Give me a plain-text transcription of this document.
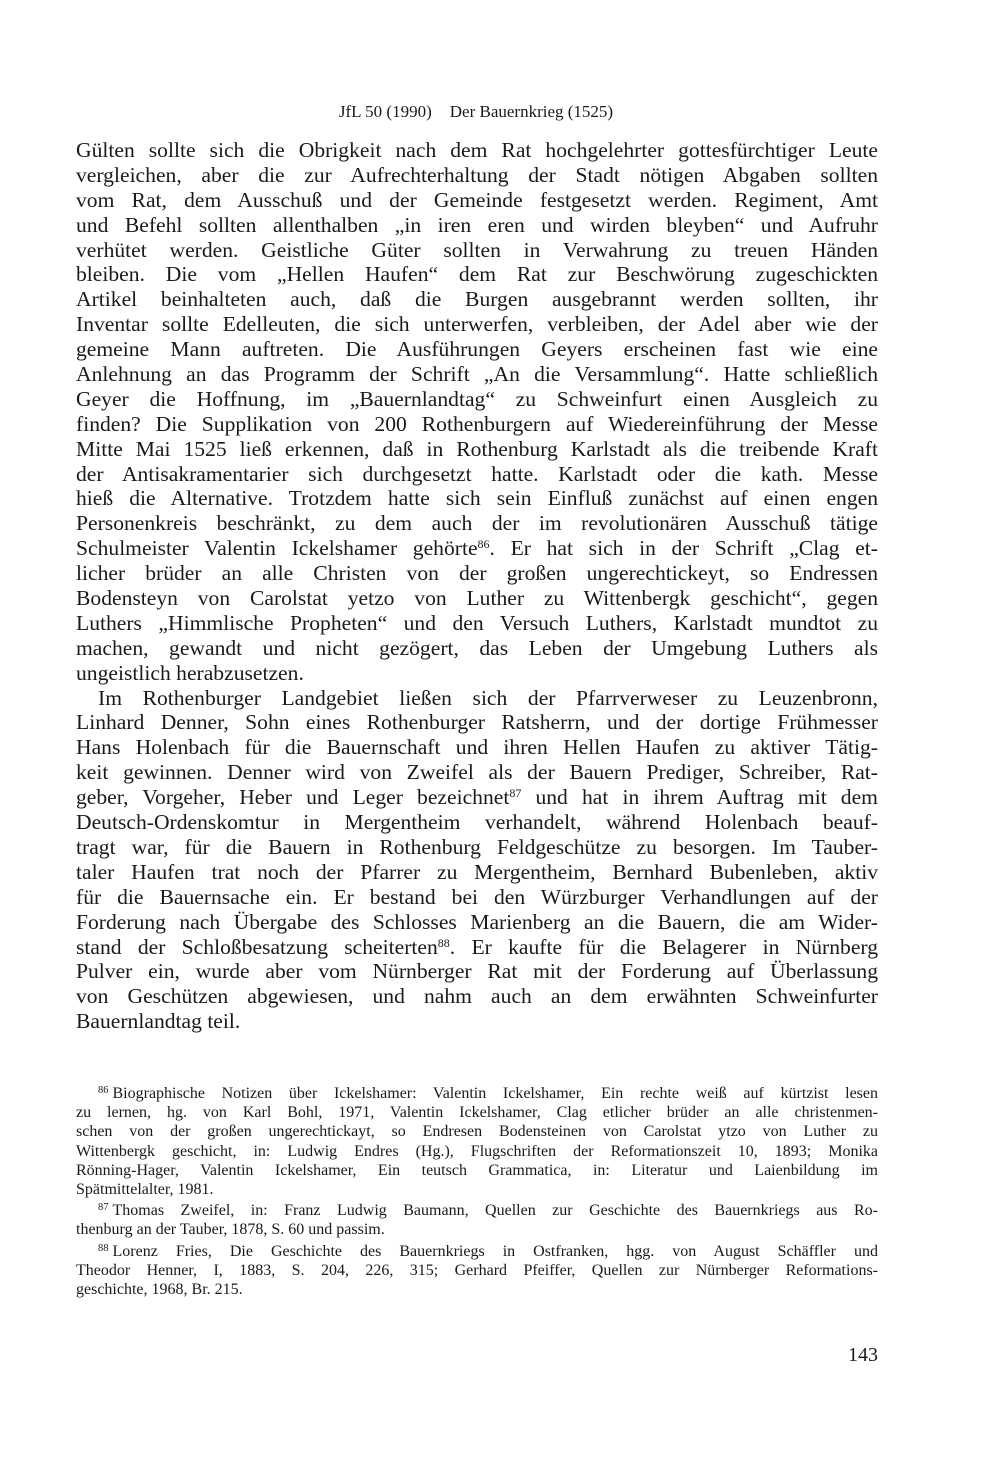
JfL 50 (1990) Der Bauernkrieg (1525)
Gülten sollte sich die Obrigkeit nach dem Rat hochgelehrter gottesfürchtiger Leute
vergleichen, aber die zur Aufrechterhaltung der Stadt nötigen Abgaben sollten
vom Rat, dem Ausschuß und der Gemeinde festgesetzt werden. Regiment, Amt
und Befehl sollten allenthalben „in iren eren und wirden bleyben“ und Aufruhr
verhütet werden. Geistliche Güter sollten in Verwahrung zu treuen Händen
bleiben. Die vom „Hellen Haufen“ dem Rat zur Beschwörung zugeschickten
Artikel beinhalteten auch, daß die Burgen ausgebrannt werden sollten, ihr
Inventar sollte Edelleuten, die sich unterwerfen, verbleiben, der Adel aber wie der
gemeine Mann auftreten. Die Ausführungen Geyers erscheinen fast wie eine
Anlehnung an das Programm der Schrift „An die Versammlung“. Hatte schließlich
Geyer die Hoffnung, im „Bauernlandtag“ zu Schweinfurt einen Ausgleich zu
finden? Die Supplikation von 200 Rothenburgern auf Wiedereinführung der Messe
Mitte Mai 1525 ließ erkennen, daß in Rothenburg Karlstadt als die treibende Kraft
der Antisakramentarier sich durchgesetzt hatte. Karlstadt oder die kath. Messe
hieß die Alternative. Trotzdem hatte sich sein Einfluß zunächst auf einen engen
Personenkreis beschränkt, zu dem auch der im revolutionären Ausschuß tätige
Schulmeister Valentin Ickelshamer gehörte$^{86}$. Er hat sich in der Schrift „Clag et-
licher brüder an alle Christen von der großen ungerechtickeyt, so Endressen
Bodensteyn von Carolstat yetzo von Luther zu Wittenbergk geschicht“, gegen
Luthers „Himmlische Propheten“ und den Versuch Luthers, Karlstadt mundtot zu
machen, gewandt und nicht gezögert, das Leben der Umgebung Luthers als
ungeistlich herabzusetzen.
Im Rothenburger Landgebiet ließen sich der Pfarrverweser zu Leuzenbronn,
Linhard Denner, Sohn eines Rothenburger Ratsherrn, und der dortige Frühmesser
Hans Holenbach für die Bauernschaft und ihren Hellen Haufen zu aktiver Tätig-
keit gewinnen. Denner wird von Zweifel als der Bauern Prediger, Schreiber, Rat-
geber, Vorgeher, Heber und Leger bezeichnet$^{87}$ und hat in ihrem Auftrag mit dem
Deutsch-Ordenskomtur in Mergentheim verhandelt, während Holenbach beauf-
tragt war, für die Bauern in Rothenburg Feldgeschütze zu besorgen. Im Tauber-
taler Haufen trat noch der Pfarrer zu Mergentheim, Bernhard Bubenleben, aktiv
für die Bauernsache ein. Er bestand bei den Würzburger Verhandlungen auf der
Forderung nach Übergabe des Schlosses Marienberg an die Bauern, die am Wider-
stand der Schloßbesatzung scheiterten$^{88}$. Er kaufte für die Belagerer in Nürnberg
Pulver ein, wurde aber vom Nürnberger Rat mit der Forderung auf Überlassung
von Geschützen abgewiesen, und nahm auch an dem erwähnten Schweinfurter
Bauernlandtag teil.
$^{86}$ Biographische Notizen über Ickelshamer: Valentin Ickelshamer, Ein rechte weiß auf kürtzist lesen
zu lernen, hg. von Karl Bohl, 1971, Valentin Ickelshamer, Clag etlicher brüder an alle christenmen-
schen von der großen ungerechtickayt, so Endresen Bodensteinen von Carolstat ytzo von Luther zu
Wittenbergk geschicht, in: Ludwig Endres (Hg.), Flugschriften der Reformationszeit 10, 1893; Monika
Rönning-Hager, Valentin Ickelshamer, Ein teutsch Grammatica, in: Literatur und Laienbildung im
Spätmittelalter, 1981.
$^{87}$ Thomas Zweifel, in: Franz Ludwig Baumann, Quellen zur Geschichte des Bauernkriegs aus Ro-
thenburg an der Tauber, 1878, S. 60 und passim.
$^{88}$ Lorenz Fries, Die Geschichte des Bauernkriegs in Ostfranken, hgg. von August Schäffler und
Theodor Henner, I, 1883, S. 204, 226, 315; Gerhard Pfeiffer, Quellen zur Nürnberger Reformations-
geschichte, 1968, Br. 215.
143
